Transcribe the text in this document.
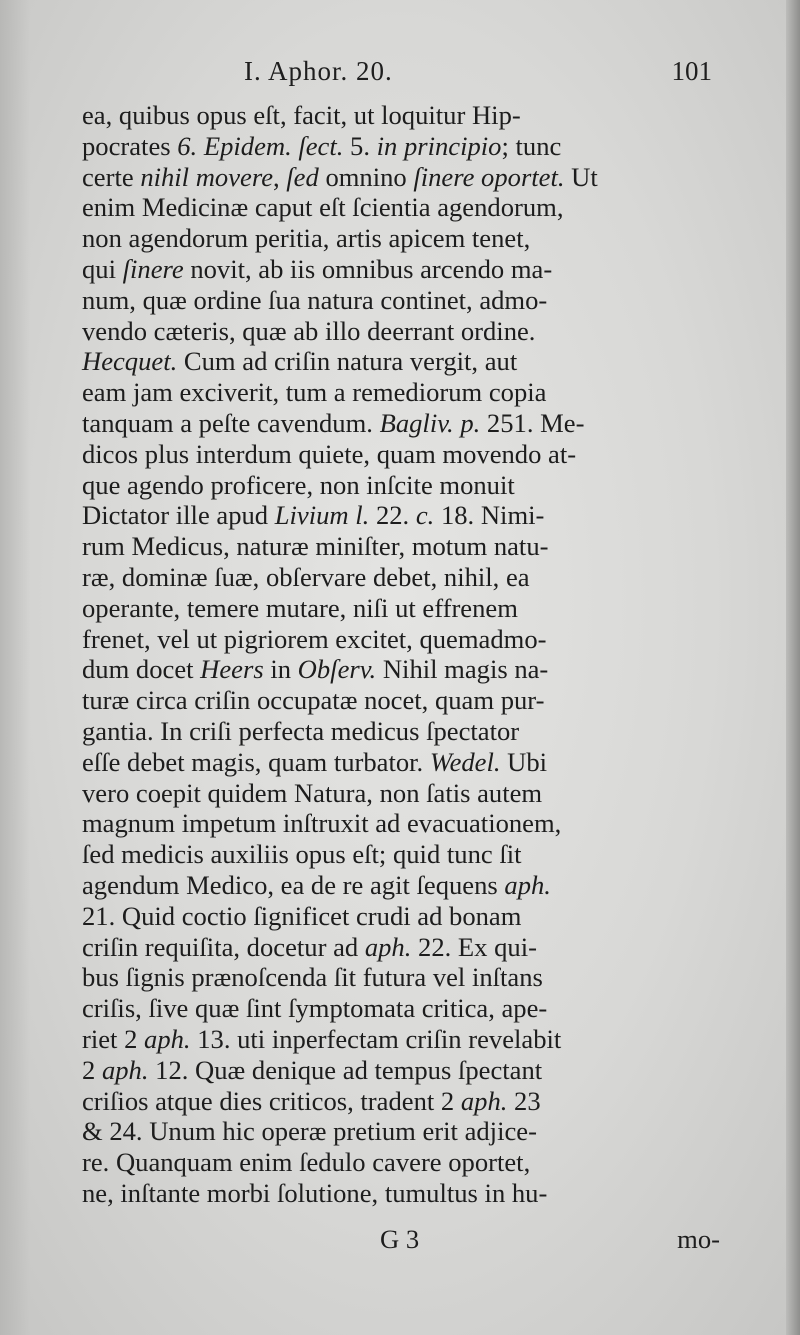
I. Aphor. 20.	101
ea, quibus opus eſt, facit, ut loquitur Hip-
pocrates 6. Epidem. ſect. 5. in principio; tunc
certe nihil movere, ſed omnino ſinere oportet. Ut
enim Medicinæ caput eſt ſcientia agendorum,
non agendorum peritia, artis apicem tenet,
qui ſinere novit, ab iis omnibus arcendo ma-
num, quæ ordine ſua natura continet, admo-
vendo cæteris, quæ ab illo deerrant ordine.
Hecquet. Cum ad criſin natura vergit, aut
eam jam exciverit, tum a remediorum copia
tanquam a peſte cavendum. Bagliv. p. 251. Me-
dicos plus interdum quiete, quam movendo at-
que agendo proficere, non inſcite monuit
Dictator ille apud Livium l. 22. c. 18. Nimi-
rum Medicus, naturæ miniſter, motum natu-
ræ, dominæ ſuæ, obſervare debet, nihil, ea
operante, temere mutare, niſi ut effrenem
frenet, vel ut pigriorem excitet, quemadmo-
dum docet Heers in Obſerv. Nihil magis na-
turæ circa criſin occupatæ nocet, quam pur-
gantia. In criſi perfecta medicus ſpectator
eſſe debet magis, quam turbator. Wedel. Ubi
vero coepit quidem Natura, non ſatis autem
magnum impetum inſtruxit ad evacuationem,
ſed medicis auxiliis opus eſt; quid tunc ſit
agendum Medico, ea de re agit ſequens aph.
21. Quid coctio ſignificet crudi ad bonam
criſin requiſita, docetur ad aph. 22. Ex qui-
bus ſignis prænoſcenda ſit futura vel inſtans
criſis, ſive quæ ſint ſymptomata critica, ape-
riet 2 aph. 13. uti inperfectam criſin revelabit
2 aph. 12. Quæ denique ad tempus ſpectant
criſios atque dies criticos, tradent 2 aph. 23
& 24. Unum hic operæ pretium erit adjice-
re. Quanquam enim ſedulo cavere oportet,
ne, inſtante morbi ſolutione, tumultus in hu-
G 3	mo-
